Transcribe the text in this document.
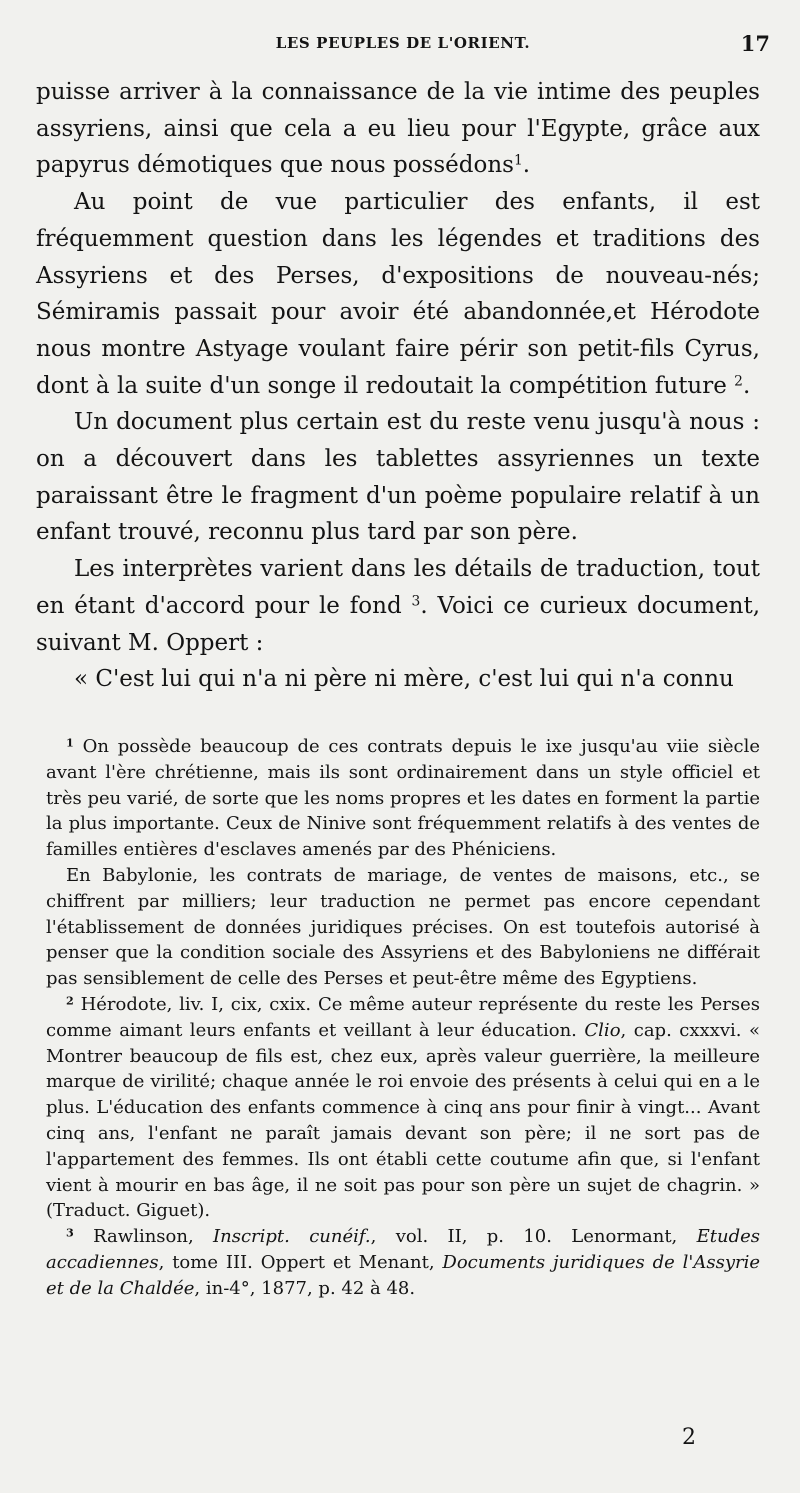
LES PEUPLES DE L'ORIENT.	17

puisse arriver à la connaissance de la vie intime des peuples assyriens, ainsi que cela a eu lieu pour l'Egypte, grâce aux papyrus démotiques que nous possédons$^1$.

Au point de vue particulier des enfants, il est fréquemment question dans les légendes et traditions des Assyriens et des Perses, d'expositions de nouveau-nés; Sémiramis passait pour avoir été abandonnée,et Hérodote nous montre Astyage voulant faire périr son petit-fils Cyrus, dont à la suite d'un songe il redoutait la compétition future $^2$.

Un document plus certain est du reste venu jusqu'à nous : on a découvert dans les tablettes assyriennes un texte paraissant être le fragment d'un poème populaire relatif à un enfant trouvé, reconnu plus tard par son père.

Les interprètes varient dans les détails de traduction, tout en étant d'accord pour le fond $^3$. Voici ce curieux document, suivant M. Oppert :

« C'est lui qui n'a ni père ni mère, c'est lui qui n'a connu

$^1$ On possède beaucoup de ces contrats depuis le ixe jusqu'au viie siècle avant l'ère chrétienne, mais ils sont ordinairement dans un style officiel et très peu varié, de sorte que les noms propres et les dates en forment la partie la plus importante. Ceux de Ninive sont fréquemment relatifs à des ventes de familles entières d'esclaves amenés par des Phéniciens.

En Babylonie, les contrats de mariage, de ventes de maisons, etc., se chiffrent par milliers; leur traduction ne permet pas encore cependant l'établissement de données juridiques précises. On est toutefois autorisé à penser que la condition sociale des Assyriens et des Babyloniens ne différait pas sensiblement de celle des Perses et peut-être même des Egyptiens.

$^2$ Hérodote, liv. I, cix, cxix. Ce même auteur représente du reste les Perses comme aimant leurs enfants et veillant à leur éducation. Clio, cap. cxxxvi. « Montrer beaucoup de fils est, chez eux, après valeur guerrière, la meilleure marque de virilité; chaque année le roi envoie des présents à celui qui en a le plus. L'éducation des enfants commence à cinq ans pour finir à vingt... Avant cinq ans, l'enfant ne paraît jamais devant son père; il ne sort pas de l'appartement des femmes. Ils ont établi cette coutume afin que, si l'enfant vient à mourir en bas âge, il ne soit pas pour son père un sujet de chagrin. » (Traduct. Giguet).

$^3$ Rawlinson, Inscript. cunéif., vol. II, p. 10. Lenormant, Etudes accadiennes, tome III. Oppert et Menant, Documents juridiques de l'Assyrie et de la Chaldée, in-4°, 1877, p. 42 à 48.

2
